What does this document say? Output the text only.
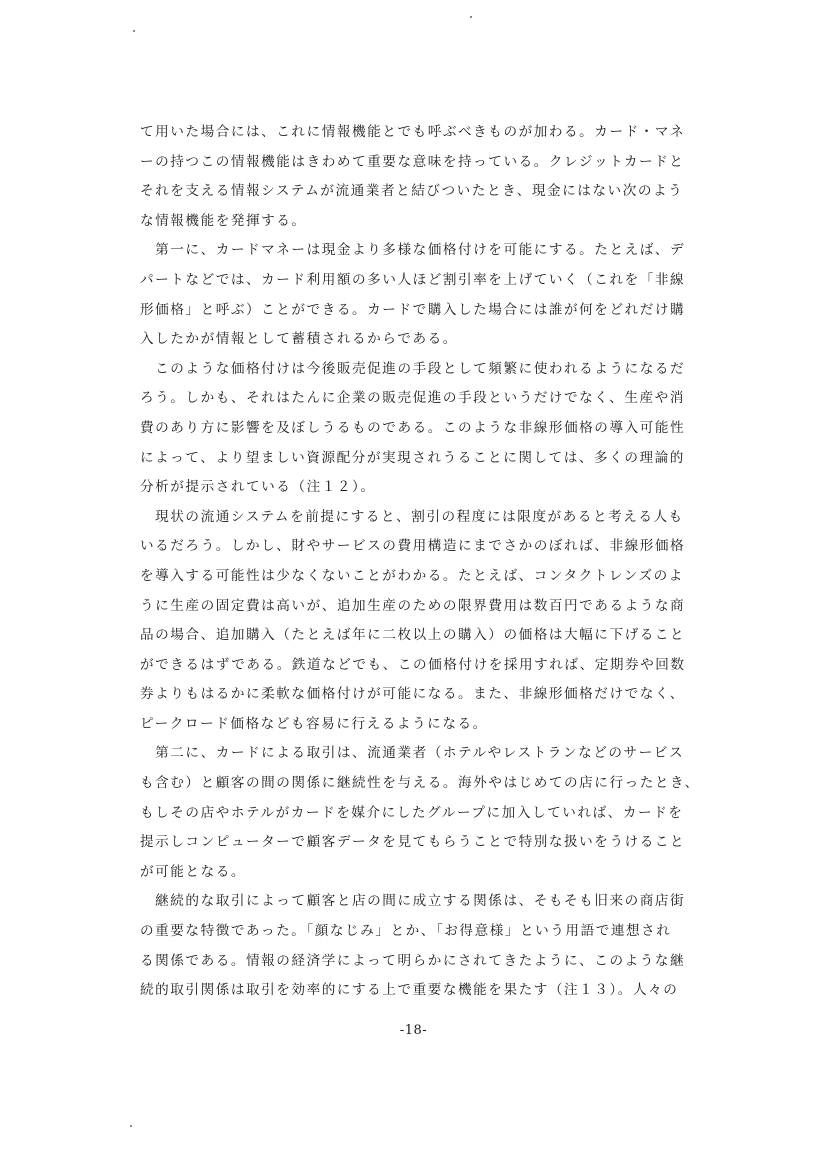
て用いた場合には、これに情報機能とでも呼ぶべきものが加わる。カード・マネ
ーの持つこの情報機能はきわめて重要な意味を持っている。クレジットカードと
それを支える情報システムが流通業者と結びついたとき、現金にはない次のよう
な情報機能を発揮する。
　第一に、カードマネーは現金より多様な価格付けを可能にする。たとえば、デ
パートなどでは、カード利用額の多い人ほど割引率を上げていく（これを「非線
形価格」と呼ぶ）ことができる。カードで購入した場合には誰が何をどれだけ購
入したかが情報として蓄積されるからである。
　このような価格付けは今後販売促進の手段として頻繁に使われるようになるだ
ろう。しかも、それはたんに企業の販売促進の手段というだけでなく、生産や消
費のあり方に影響を及ぼしうるものである。このような非線形価格の導入可能性
によって、より望ましい資源配分が実現されうることに関しては、多くの理論的
分析が提示されている（注１２）。
　現状の流通システムを前提にすると、割引の程度には限度があると考える人も
いるだろう。しかし、財やサービスの費用構造にまでさかのぼれば、非線形価格
を導入する可能性は少なくないことがわかる。たとえば、コンタクトレンズのよ
うに生産の固定費は高いが、追加生産のための限界費用は数百円であるような商
品の場合、追加購入（たとえば年に二枚以上の購入）の価格は大幅に下げること
ができるはずである。鉄道などでも、この価格付けを採用すれば、定期券や回数
券よりもはるかに柔軟な価格付けが可能になる。また、非線形価格だけでなく、
ピークロード価格なども容易に行えるようになる。
　第二に、カードによる取引は、流通業者（ホテルやレストランなどのサービス
も含む）と顧客の間の関係に継続性を与える。海外やはじめての店に行ったとき、
もしその店やホテルがカードを媒介にしたグループに加入していれば、カードを
提示しコンピューターで顧客データを見てもらうことで特別な扱いをうけること
が可能となる。
　継続的な取引によって顧客と店の間に成立する関係は、そもそも旧来の商店街
の重要な特徴であった。「顔なじみ」とか、「お得意様」という用語で連想され
る関係である。情報の経済学によって明らかにされてきたように、このような継
続的取引関係は取引を効率的にする上で重要な機能を果たす（注１３）。人々の
-18-
